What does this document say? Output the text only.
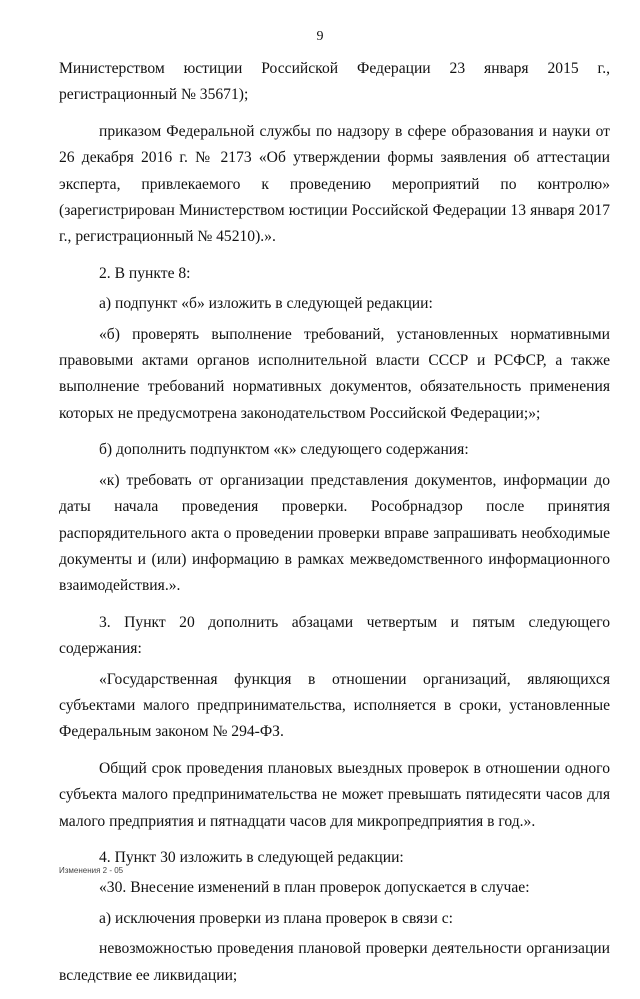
9

Министерством юстиции Российской Федерации 23 января 2015 г., регистрационный № 35671);

приказом Федеральной службы по надзору в сфере образования и науки от 26 декабря 2016 г. № 2173 «Об утверждении формы заявления об аттестации эксперта, привлекаемого к проведению мероприятий по контролю» (зарегистрирован Министерством юстиции Российской Федерации 13 января 2017 г., регистрационный № 45210).».

2. В пункте 8:

а) подпункт «б» изложить в следующей редакции:

«б) проверять выполнение требований, установленных нормативными правовыми актами органов исполнительной власти СССР и РСФСР, а также выполнение требований нормативных документов, обязательность применения которых не предусмотрена законодательством Российской Федерации;»;

б) дополнить подпунктом «к» следующего содержания:

«к) требовать от организации представления документов, информации до даты начала проведения проверки. Рособрнадзор после принятия распорядительного акта о проведении проверки вправе запрашивать необходимые документы и (или) информацию в рамках межведомственного информационного взаимодействия.».

3. Пункт 20 дополнить абзацами четвертым и пятым следующего содержания:

«Государственная функция в отношении организаций, являющихся субъектами малого предпринимательства, исполняется в сроки, установленные Федеральным законом № 294-ФЗ.

Общий срок проведения плановых выездных проверок в отношении одного субъекта малого предпринимательства не может превышать пятидесяти часов для малого предприятия и пятнадцати часов для микропредприятия в год.».

4. Пункт 30 изложить в следующей редакции:

«30. Внесение изменений в план проверок допускается в случае:

а) исключения проверки из плана проверок в связи с:

невозможностью проведения плановой проверки деятельности организации вследствие ее ликвидации;

Изменения 2 - 05
